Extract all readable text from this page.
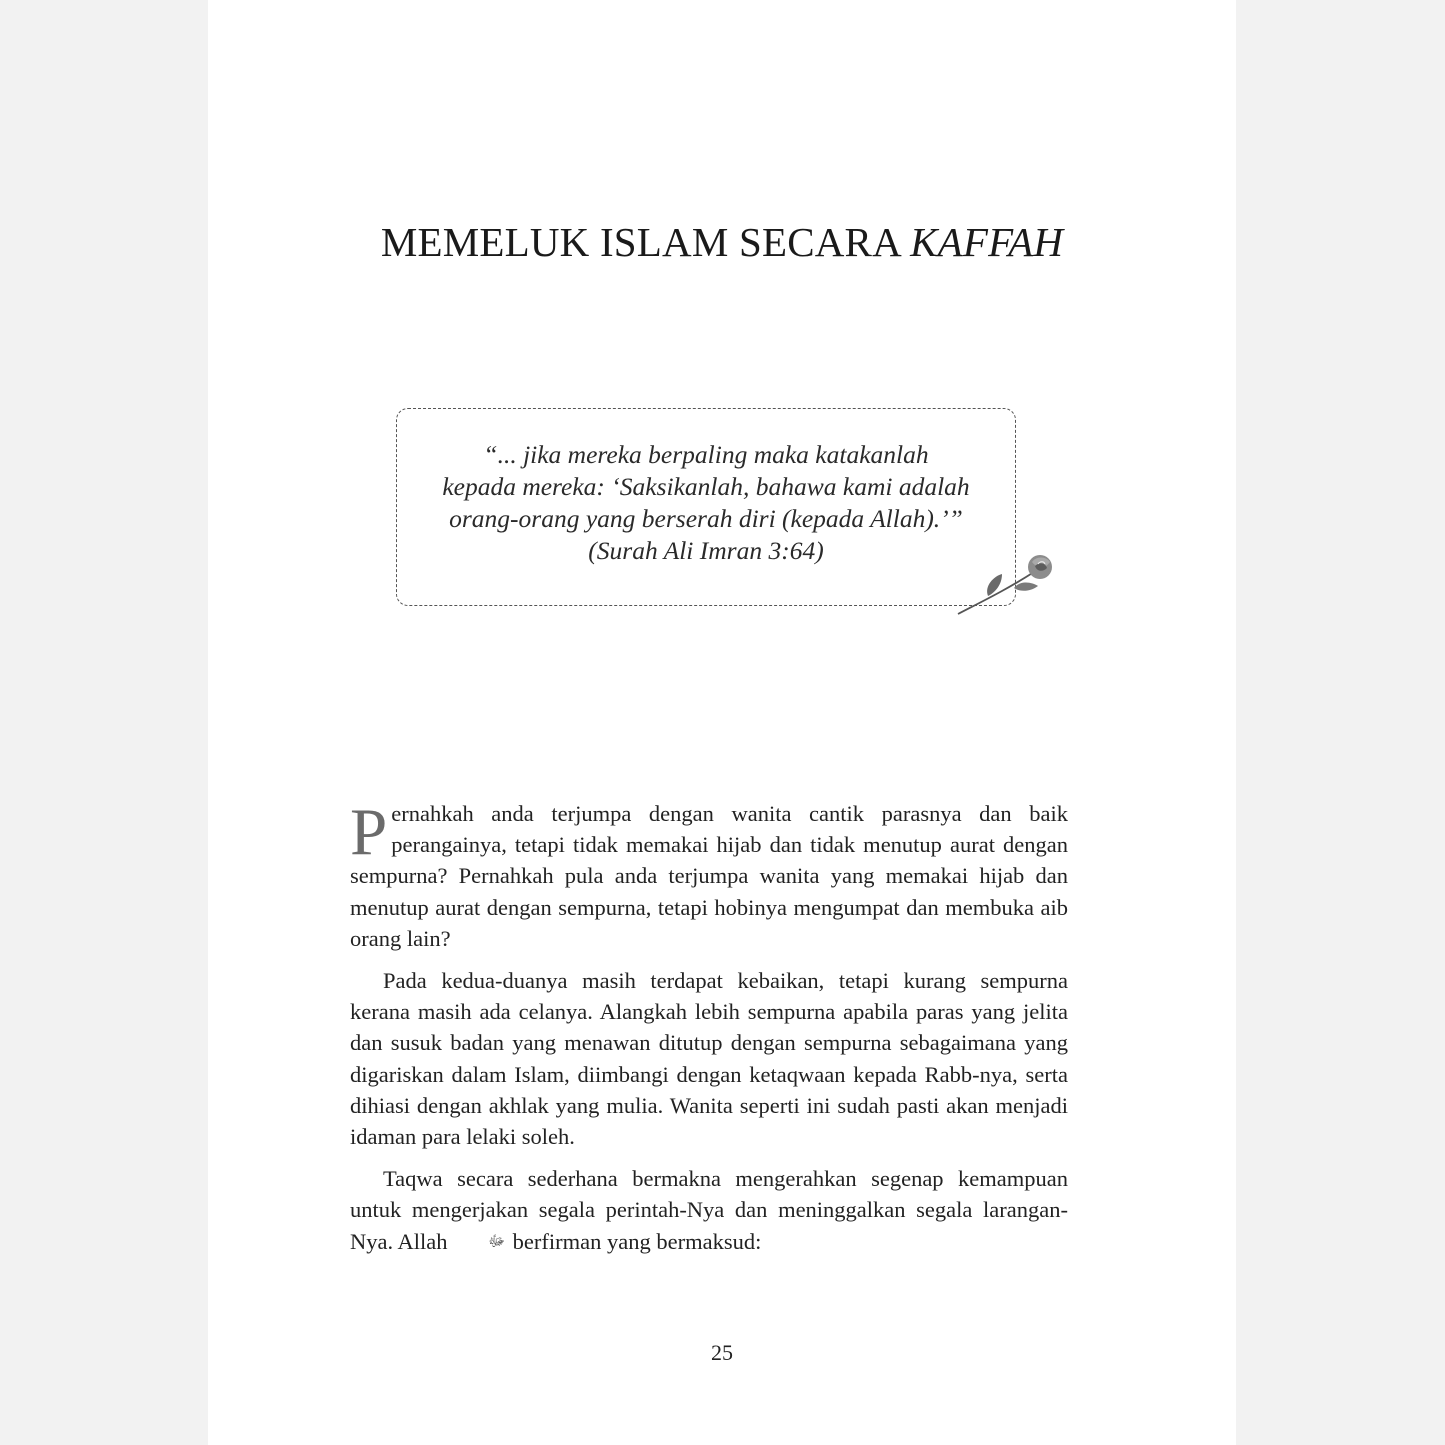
MEMELUK ISLAM SECARA KAFFAH
“... jika mereka berpaling maka katakanlah
kepada mereka: ‘Saksikanlah, bahawa kami adalah
orang-orang yang berserah diri (kepada Allah).’”
(Surah Ali Imran 3:64)

Pernahkah anda terjumpa dengan wanita cantik parasnya dan baik perangainya, tetapi tidak memakai hijab dan tidak menutup aurat dengan sempurna? Pernahkah pula anda terjumpa wanita yang memakai hijab dan menutup aurat dengan sempurna, tetapi hobinya mengumpat dan membuka aib orang lain?

Pada kedua-duanya masih terdapat kebaikan, tetapi kurang sempurna kerana masih ada celanya. Alangkah lebih sempurna apabila paras yang jelita dan susuk badan yang menawan ditutup dengan sempurna sebagaimana yang digariskan dalam Islam, diimbangi dengan ketaqwaan kepada Rabb-nya, serta dihiasi dengan akhlak yang mulia. Wanita seperti ini sudah pasti akan menjadi idaman para lelaki soleh.

Taqwa secara sederhana bermakna mengerahkan segenap kemampuan untuk mengerjakan segala perintah-Nya dan meninggalkan segala larangan-Nya. Allah	ﷻ berfirman yang bermaksud:

25
